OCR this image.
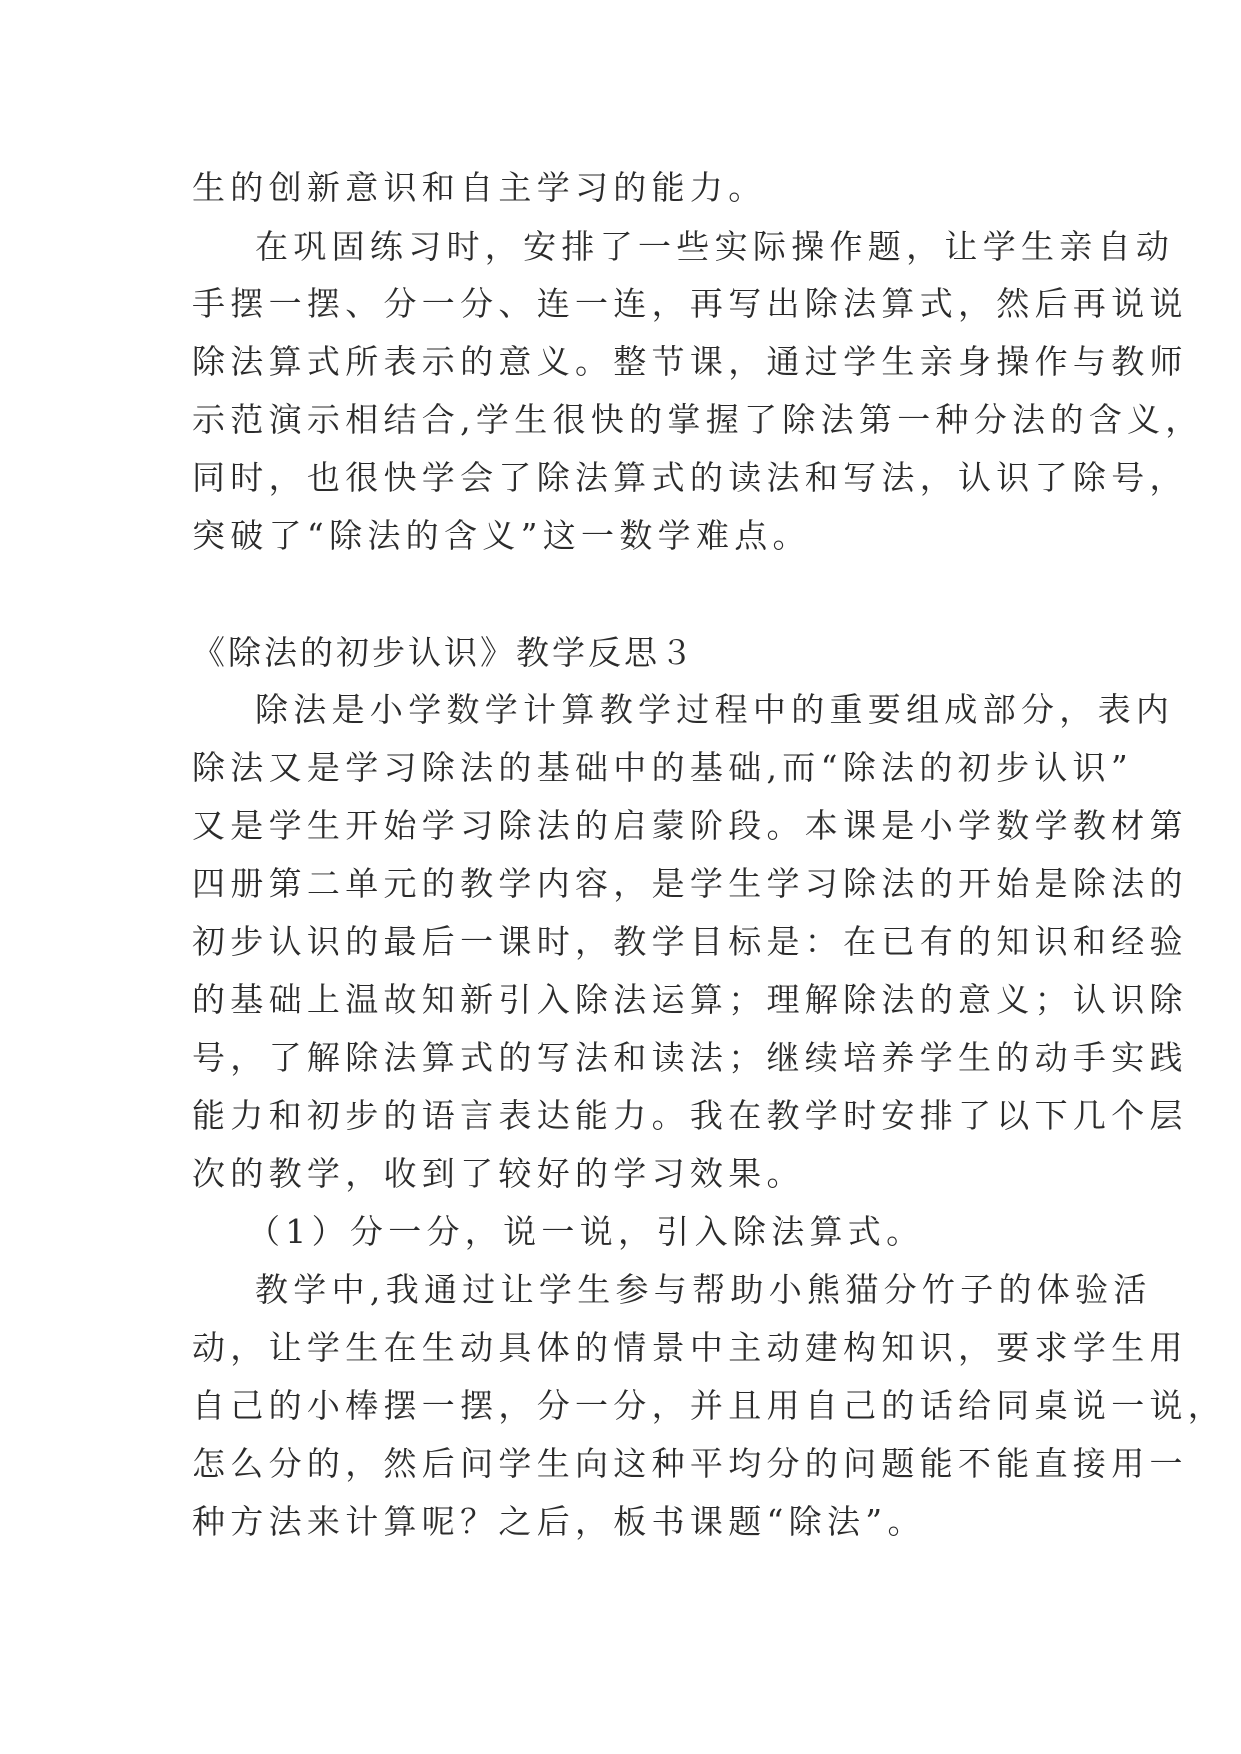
生的创新意识和自主学习的能力。

在巩固练习时，安排了一些实际操作题，让学生亲自动

手摆一摆、分一分、连一连，再写出除法算式，然后再说说

除法算式所表示的意义。整节课，通过学生亲身操作与教师

示范演示相结合,学生很快的掌握了除法第一种分法的含义，

同时，也很快学会了除法算式的读法和写法，认识了除号，

突破了“除法的含义”这一数学难点。

《除法的初步认识》教学反思３

除法是小学数学计算教学过程中的重要组成部分，表内

除法又是学习除法的基础中的基础,而“除法的初步认识”

又是学生开始学习除法的启蒙阶段。本课是小学数学教材第

四册第二单元的教学内容，是学生学习除法的开始是除法的

初步认识的最后一课时，教学目标是：在已有的知识和经验

的基础上温故知新引入除法运算；理解除法的意义；认识除

号，了解除法算式的写法和读法；继续培养学生的动手实践

能力和初步的语言表达能力。我在教学时安排了以下几个层

次的教学，收到了较好的学习效果。

（1）分一分，说一说，引入除法算式。

教学中,我通过让学生参与帮助小熊猫分竹子的体验活

动，让学生在生动具体的情景中主动建构知识，要求学生用

自己的小棒摆一摆，分一分，并且用自己的话给同桌说一说，

怎么分的，然后问学生向这种平均分的问题能不能直接用一

种方法来计算呢？之后，板书课题“除法”。
